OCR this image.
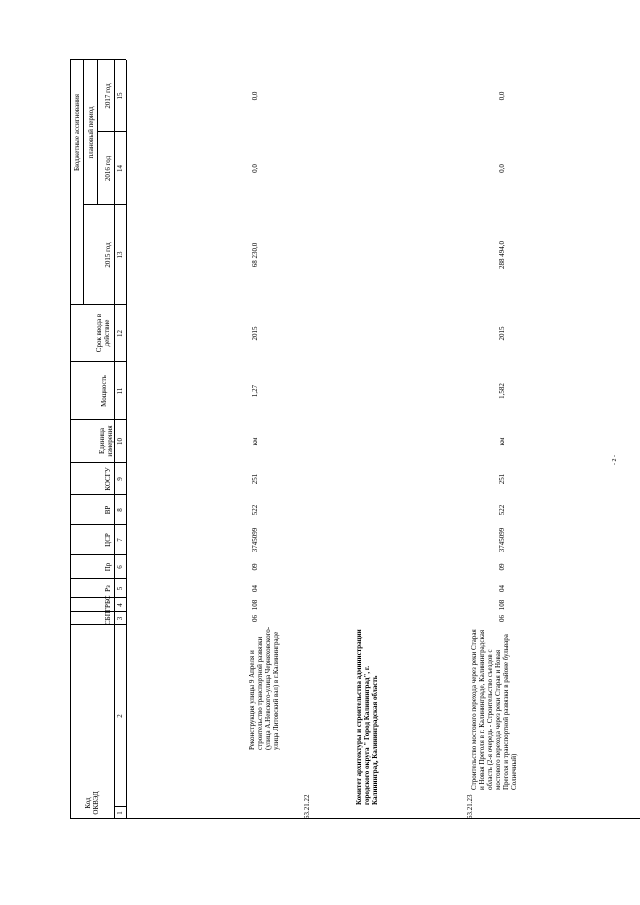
Код ОКВЭД
СБП
ГРБС
Рз
Пр
ЦСР
ВР
КОСГУ
Единица измерения
Мощность
Срок ввода в действие
Бюджетные ассигнования плановый период
2015 год
2016 год
2017 год
1
2
3
4
5
6
7
8
9
10
11
12
13
14
15
63.21.22
Реконструкция улицы 9 Апреля и строительство транспортной развязки (улица А.Невского-улица Черняховского-улица Литовский вал) в г.Калининграде
06
108
04
09
3745099
522
251
км
1,27
2015
68 230,0
0,0
0,0
Комитет архитектуры и строительства администрации городского округа " Город Калининград", г. Калининград, Калининградская область
63.21.23
Строительство мостового перехода через реки Старая и Новая Преголя в г. Калининграде, Калининградская область (2-я очередь - Строительство съездов с мостового перехода через реки Старая и Новая Преголя и транспортной развязки в районе бульвара Солнечный)
06
108
04
09
3745099
522
251
км
1,582
2015
288 494,0
0,0
0,0
- 2 -
